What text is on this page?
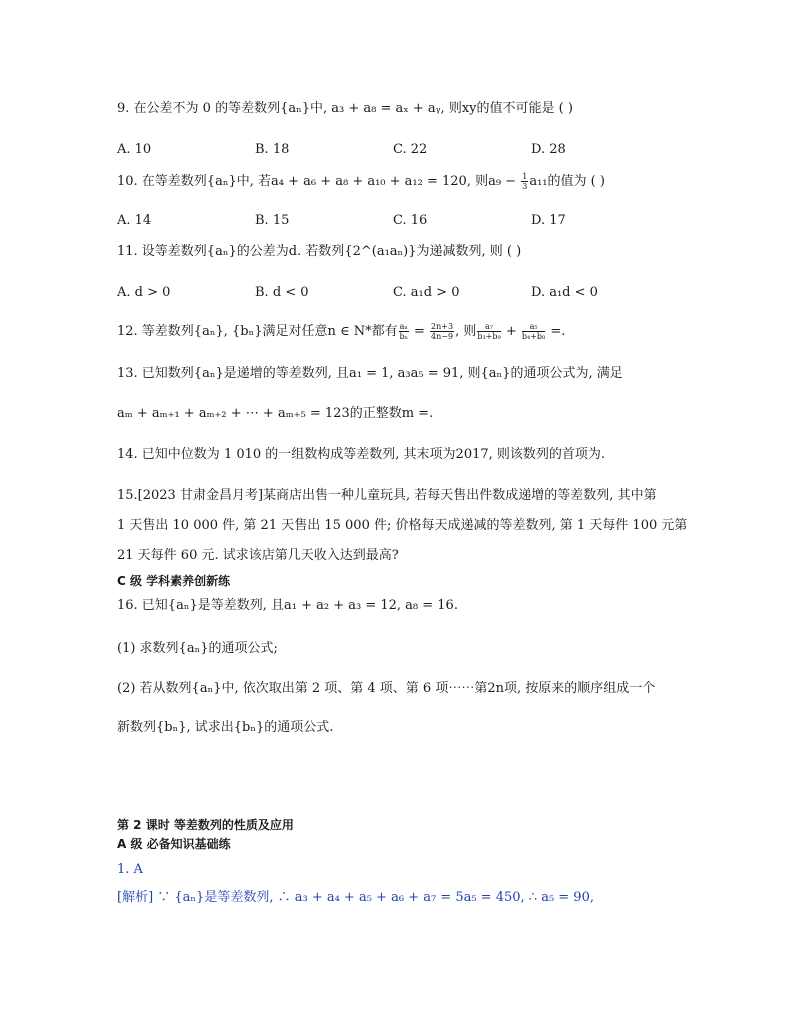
9. 在公差不为 0 的等差数列{aₙ}中, a₃ + a₈ = aₓ + aᵧ, 则xy的值不可能是 ( )
A. 10	B. 18	C. 22	D. 28
10. 在等差数列{aₙ}中, 若a₄ + a₆ + a₈ + a₁₀ + a₁₂ = 120, 则$a_9 - \frac{1}{3} a_{11}$的值为 ( )
A. 14	B. 15	C. 16	D. 17
11. 设等差数列{aₙ}的公差为d. 若数列{2^(a₁aₙ)}为递减数列, 则 ( )
A. d > 0	B. d < 0	C. a₁d > 0	D. a₁d < 0
12. 等差数列{aₙ}, {bₙ}满足对任意n ∈ N*都有 $\frac{\text{aₙ}}{\text{bₙ}} = \frac{2n+3}{4n-9}$ , 则 $\frac{\text{a₇}}{\text{b₃+b₉}} + \frac{\text{a₅}}{\text{b₄+b₈}}$ =.
13. 已知数列{aₙ}是递增的等差数列, 且a₁ = 1, a₃a₅ = 91, 则{aₙ}的通项公式为, 满足
aₘ + aₘ₊₁ + aₘ₊₂ + ⋯ + aₘ₊₅ = 123的正整数m =.
14. 已知中位数为 1 010 的一组数构成等差数列, 其末项为2017, 则该数列的首项为.
15.[2023 甘肃金昌月考]某商店出售一种儿童玩具, 若每天售出件数成递增的等差数列, 其中第
1 天售出 10 000 件, 第 21 天售出 15 000 件; 价格每天成递减的等差数列, 第 1 天每件 100 元第
21 天每件 60 元. 试求该店第几天收入达到最高?
C 级 学科素养创新练
16. 已知{aₙ}是等差数列, 且a₁ + a₂ + a₃ = 12, a₈ = 16.
(1) 求数列{aₙ}的通项公式;
(2) 若从数列{aₙ}中, 依次取出第 2 项、第 4 项、第 6 项⋯⋯第2n项, 按原来的顺序组成一个
新数列{bₙ}, 试求出{bₙ}的通项公式.
第 2 课时 等差数列的性质及应用
A 级 必备知识基础练
1. A
[解析] ∵ {aₙ}是等差数列, ∴ a₃ + a₄ + a₅ + a₆ + a₇ = 5a₅ = 450, ∴ a₅ = 90,
